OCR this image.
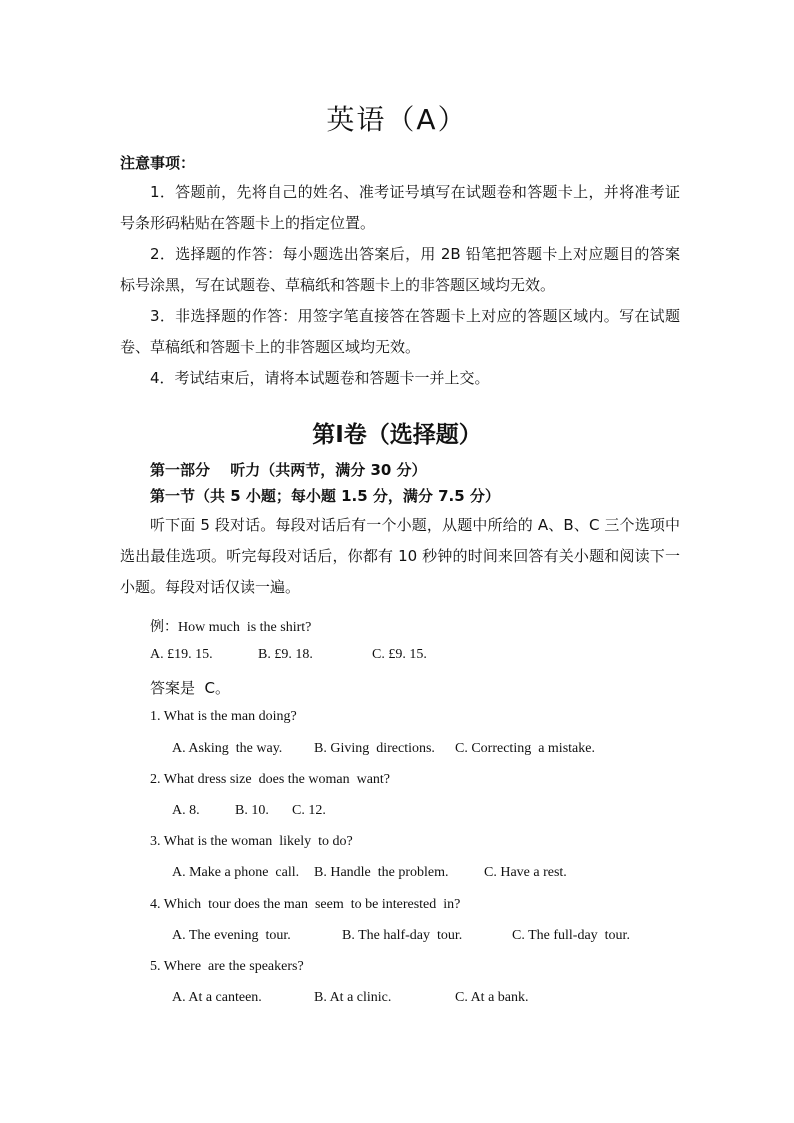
英语（A）
注意事项：
1．答题前，先将自己的姓名、准考证号填写在试题卷和答题卡上，并将准考证号条形码粘贴在答题卡上的指定位置。
2．选择题的作答：每小题选出答案后，用 2B 铅笔把答题卡上对应题目的答案标号涂黑，写在试题卷、草稿纸和答题卡上的非答题区域均无效。
3．非选择题的作答：用签字笔直接答在答题卡上对应的答题区域内。写在试题卷、草稿纸和答题卡上的非答题区域均无效。
4．考试结束后，请将本试题卷和答题卡一并上交。
第Ⅰ卷（选择题）
第一部分　 听力（共两节，满分 30 分）
第一节（共 5 小题；每小题 1.5 分，满分 7.5 分）
听下面 5 段对话。每段对话后有一个小题，从题中所给的 A、B、C 三个选项中选出最佳选项。听完每段对话后，你都有 10 秒钟的时间来回答有关小题和阅读下一小题。每段对话仅读一遍。
例：How much  is the shirt?
A. £19. 15.	B. £9. 18.	C. £9. 15.
答案是  C。
1. What is the man doing?
A. Asking  the way. B. Giving  directions. C. Correcting  a mistake.
2. What dress size  does the woman  want?
A. 8.	B. 10. C. 12.
3. What is the woman  likely  to do?
A. Make a phone  call. B. Handle  the problem.	C. Have a rest.
4. Which  tour does the man  seem  to be interested  in?
A. The evening  tour.	B. The half-day  tour.	C. The full-day  tour.
5. Where  are the speakers?
A. At a canteen.	B. At a clinic.	C. At a bank.
